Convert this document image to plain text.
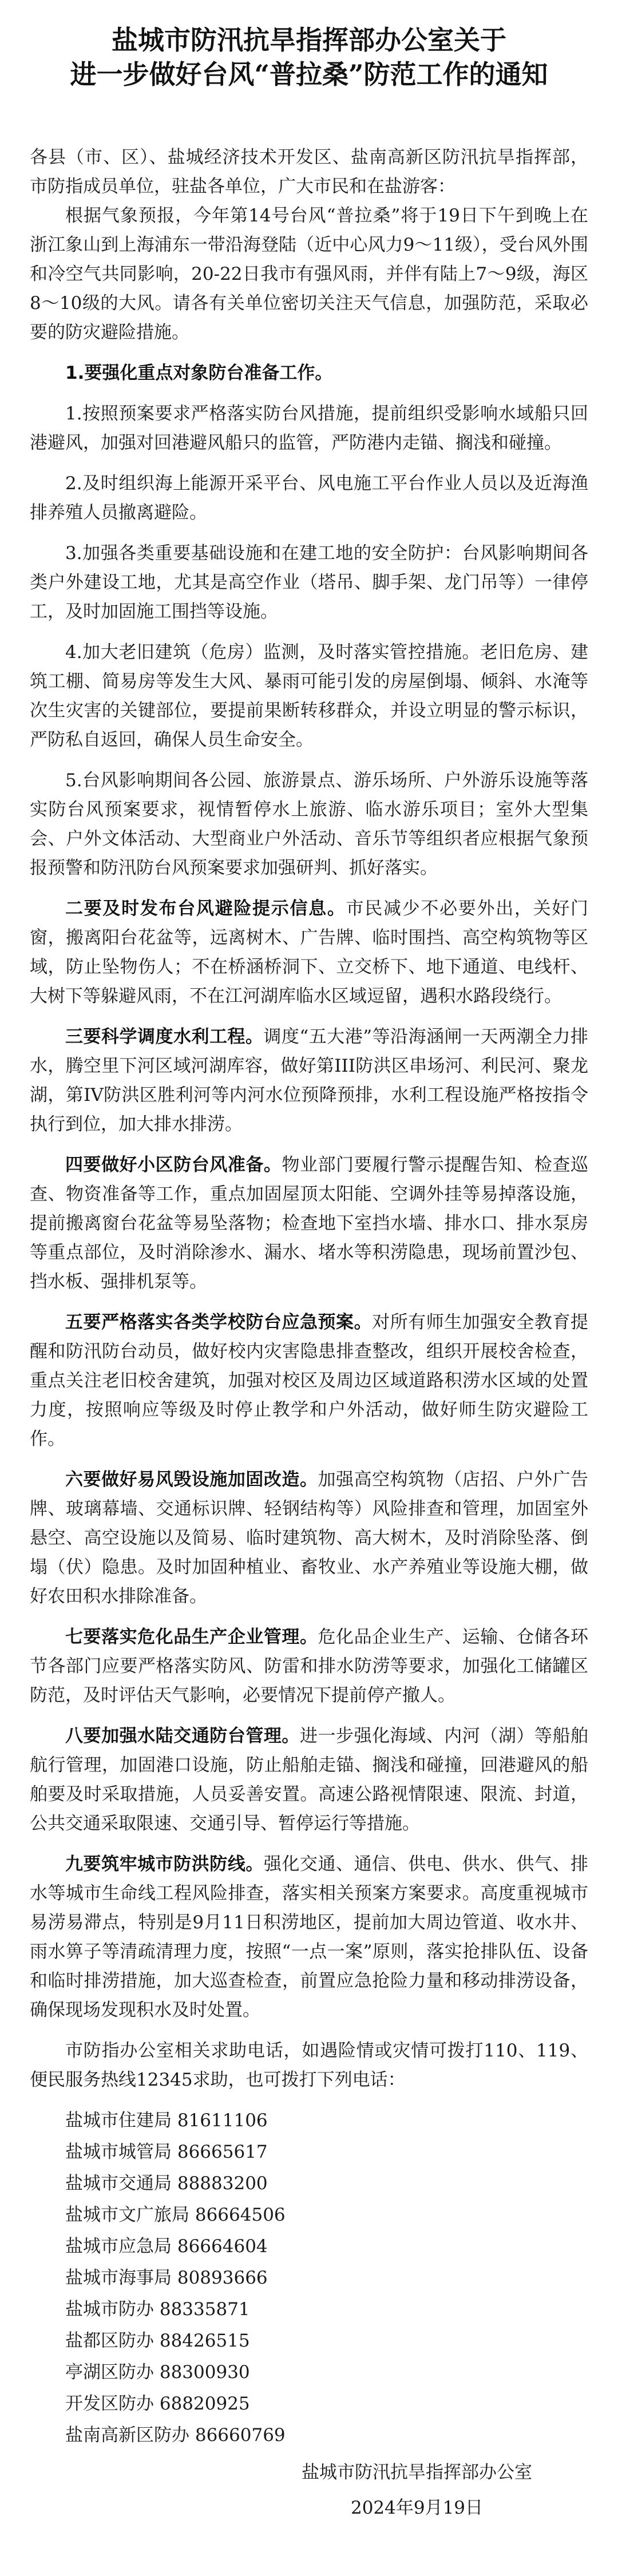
盐城市防汛抗旱指挥部办公室关于
进一步做好台风“普拉桑”防范工作的通知

各县（市、区）、盐城经济技术开发区、盐南高新区防汛抗旱指挥部，市防指成员单位，驻盐各单位，广大市民和在盐游客：

根据气象预报，今年第14号台风“普拉桑”将于19日下午到晚上在浙江象山到上海浦东一带沿海登陆（近中心风力9～11级），受台风外围和冷空气共同影响，20-22日我市有强风雨，并伴有陆上7～9级，海区8～10级的大风。请各有关单位密切关注天气信息，加强防范，采取必要的防灾避险措施。

1.要强化重点对象防台准备工作。

1.按照预案要求严格落实防台风措施，提前组织受影响水域船只回港避风，加强对回港避风船只的监管，严防港内走锚、搁浅和碰撞。

2.及时组织海上能源开采平台、风电施工平台作业人员以及近海渔排养殖人员撤离避险。

3.加强各类重要基础设施和在建工地的安全防护：台风影响期间各类户外建设工地，尤其是高空作业（塔吊、脚手架、龙门吊等）一律停工，及时加固施工围挡等设施。

4.加大老旧建筑（危房）监测，及时落实管控措施。老旧危房、建筑工棚、简易房等发生大风、暴雨可能引发的房屋倒塌、倾斜、水淹等次生灾害的关键部位，要提前果断转移群众，并设立明显的警示标识，严防私自返回，确保人员生命安全。

5.台风影响期间各公园、旅游景点、游乐场所、户外游乐设施等落实防台风预案要求，视情暂停水上旅游、临水游乐项目；室外大型集会、户外文体活动、大型商业户外活动、音乐节等组织者应根据气象预报预警和防汛防台风预案要求加强研判、抓好落实。

二要及时发布台风避险提示信息。市民减少不必要外出，关好门窗，搬离阳台花盆等，远离树木、广告牌、临时围挡、高空构筑物等区域，防止坠物伤人；不在桥涵桥洞下、立交桥下、地下通道、电线杆、大树下等躲避风雨，不在江河湖库临水区域逗留，遇积水路段绕行。

三要科学调度水利工程。调度“五大港”等沿海涵闸一天两潮全力排水，腾空里下河区域河湖库容，做好第III防洪区串场河、利民河、聚龙湖，第IV防洪区胜利河等内河水位预降预排，水利工程设施严格按指令执行到位，加大排水排涝。

四要做好小区防台风准备。物业部门要履行警示提醒告知、检查巡查、物资准备等工作，重点加固屋顶太阳能、空调外挂等易掉落设施，提前搬离窗台花盆等易坠落物；检查地下室挡水墙、排水口、排水泵房等重点部位，及时消除渗水、漏水、堵水等积涝隐患，现场前置沙包、挡水板、强排机泵等。

五要严格落实各类学校防台应急预案。对所有师生加强安全教育提醒和防汛防台动员，做好校内灾害隐患排查整改，组织开展校舍检查，重点关注老旧校舍建筑，加强对校区及周边区域道路积涝水区域的处置力度，按照响应等级及时停止教学和户外活动，做好师生防灾避险工作。

六要做好易风毁设施加固改造。加强高空构筑物（店招、户外广告牌、玻璃幕墙、交通标识牌、轻钢结构等）风险排查和管理，加固室外悬空、高空设施以及简易、临时建筑物、高大树木，及时消除坠落、倒塌（伏）隐患。及时加固种植业、畜牧业、水产养殖业等设施大棚，做好农田积水排除准备。

七要落实危化品生产企业管理。危化品企业生产、运输、仓储各环节各部门应要严格落实防风、防雷和排水防涝等要求，加强化工储罐区防范，及时评估天气影响，必要情况下提前停产撤人。

八要加强水陆交通防台管理。进一步强化海域、内河（湖）等船舶航行管理，加固港口设施，防止船舶走锚、搁浅和碰撞，回港避风的船舶要及时采取措施，人员妥善安置。高速公路视情限速、限流、封道，公共交通采取限速、交通引导、暂停运行等措施。

九要筑牢城市防洪防线。强化交通、通信、供电、供水、供气、排水等城市生命线工程风险排查，落实相关预案方案要求。高度重视城市易涝易滞点，特别是9月11日积涝地区，提前加大周边管道、收水井、雨水箅子等清疏清理力度，按照“一点一案”原则，落实抢排队伍、设备和临时排涝措施，加大巡查检查，前置应急抢险力量和移动排涝设备，确保现场发现积水及时处置。

市防指办公室相关求助电话，如遇险情或灾情可拨打110、119、便民服务热线12345求助，也可拨打下列电话：

盐城市住建局 81611106
盐城市城管局 86665617
盐城市交通局 88883200
盐城市文广旅局 86664506
盐城市应急局 86664604
盐城市海事局 80893666
盐城市防办 88335871
盐都区防办 88426515
亭湖区防办 88300930
开发区防办 68820925
盐南高新区防办 86660769
盐城市防汛抗旱指挥部办公室
2024年9月19日
